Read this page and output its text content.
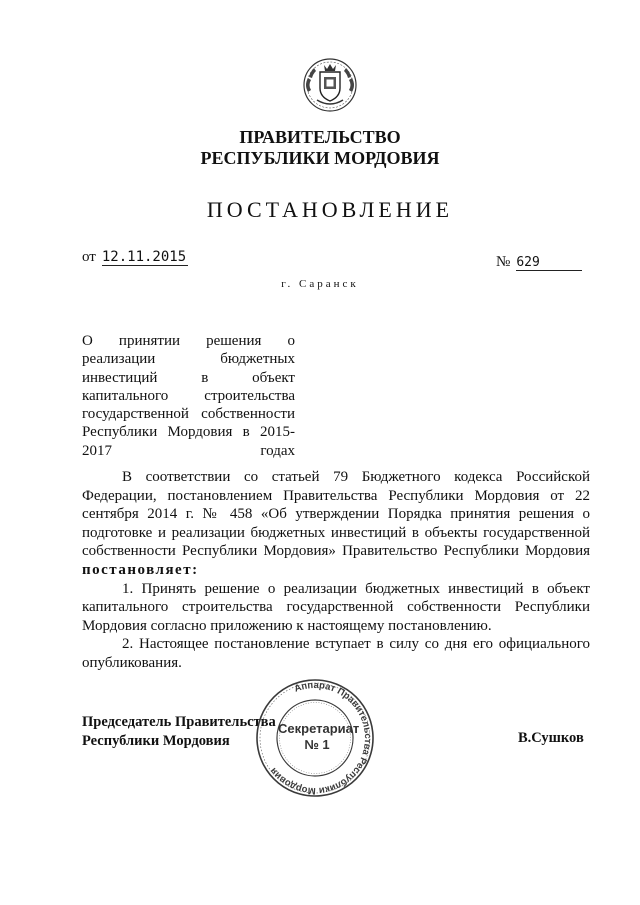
ПРАВИТЕЛЬСТВО
РЕСПУБЛИКИ МОРДОВИЯ
ПОСТАНОВЛЕНИЕ
от 12.11.2015	№ 629
г. Саранск
О принятии решения о реализации бюджетных инвестиций в объект капитального строительства государственной собственности Республики Мордовия в 2015-2017 годах

В соответствии со статьей 79 Бюджетного кодекса Российской Федерации, постановлением Правительства Республики Мордовия от 22 сентября 2014 г. № 458 «Об утверждении Порядка принятия решения о подготовке и реализации бюджетных инвестиций в объекты государственной собственности Республики Мордовия» Правительство Республики Мордовия постановляет:

1. Принять решение о реализации бюджетных инвестиций в объект капитального строительства государственной собственности Республики Мордовия согласно приложению к настоящему постановлению.

2. Настоящее постановление вступает в силу со дня его официального опубликования.

Председатель Правительства
Республики Мордовия
Аппарат Правительства Республики Мордовия
Секретариат
№ 1	В.Сушков
